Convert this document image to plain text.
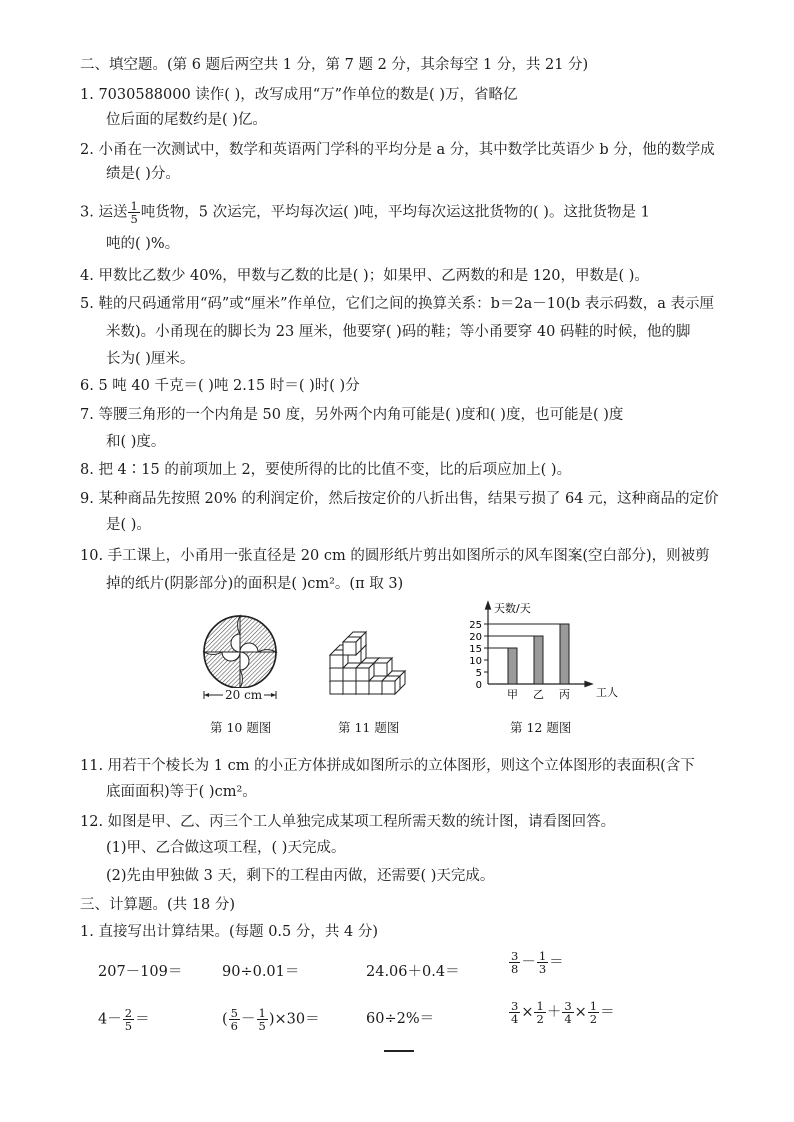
二、填空题。(第 6 题后两空共 1 分，第 7 题 2 分，其余每空 1 分，共 21 分)
1. 7030588000 读作( )，改写成用“万”作单位的数是( )万，省略亿
位后面的尾数约是( )亿。
2. 小甬在一次测试中，数学和英语两门学科的平均分是 a 分，其中数学比英语少 b 分，他的数学成
绩是( )分。
3. 运送 $\frac{1}{5}$ 吨货物，5 次运完，平均每次运( )吨，平均每次运这批货物的( )。这批货物是 1
吨的( )%。
4. 甲数比乙数少 40%，甲数与乙数的比是( )；如果甲、乙两数的和是 120，甲数是( )。
5. 鞋的尺码通常用“码”或“厘米”作单位，它们之间的换算关系：b＝2a－10(b 表示码数，a 表示厘
米数)。小甬现在的脚长为 23 厘米，他要穿( )码的鞋；等小甬要穿 40 码鞋的时候，他的脚
长为( )厘米。
6. 5 吨 40 千克＝( )吨 2.15 时＝( )时( )分
7. 等腰三角形的一个内角是 50 度，另外两个内角可能是( )度和( )度，也可能是( )度
和( )度。
8. 把 4∶15 的前项加上 2，要使所得的比的比值不变，比的后项应加上( )。
9. 某种商品先按照 20% 的利润定价，然后按定价的八折出售，结果亏损了 64 元，这种商品的定价
是( )。
10. 手工课上，小甬用一张直径是 20 cm 的圆形纸片剪出如图所示的风车图案(空白部分)，则被剪
掉的纸片(阴影部分)的面积是( )cm²。(π 取 3)
20 cm
第 10 题图	第 11 题图
0
5
10
15
20
25
甲 乙 丙
天数/天
工人
第 12 题图
11. 用若干个棱长为 1 cm 的小正方体拼成如图所示的立体图形，则这个立体图形的表面积(含下
底面面积)等于( )cm²。
12. 如图是甲、乙、丙三个工人单独完成某项工程所需天数的统计图，请看图回答。
(1)甲、乙合做这项工程，( )天完成。
(2)先由甲独做 3 天，剩下的工程由丙做，还需要( )天完成。
三、计算题。(共 18 分)
1. 直接写出计算结果。(每题 0.5 分，共 4 分)
207－109＝	90÷0.01＝	24.06＋0.4＝	$\frac{3}{8} - \frac{1}{3}$ ＝
$4- \frac{2}{5}$ ＝	( $\frac{5}{6} - \frac{1}{5} )\times 30=$	60÷2%＝	$\frac{3}{4} \times \frac{1}{2} + \frac{3}{4} \times \frac{1}{2}$ ＝
